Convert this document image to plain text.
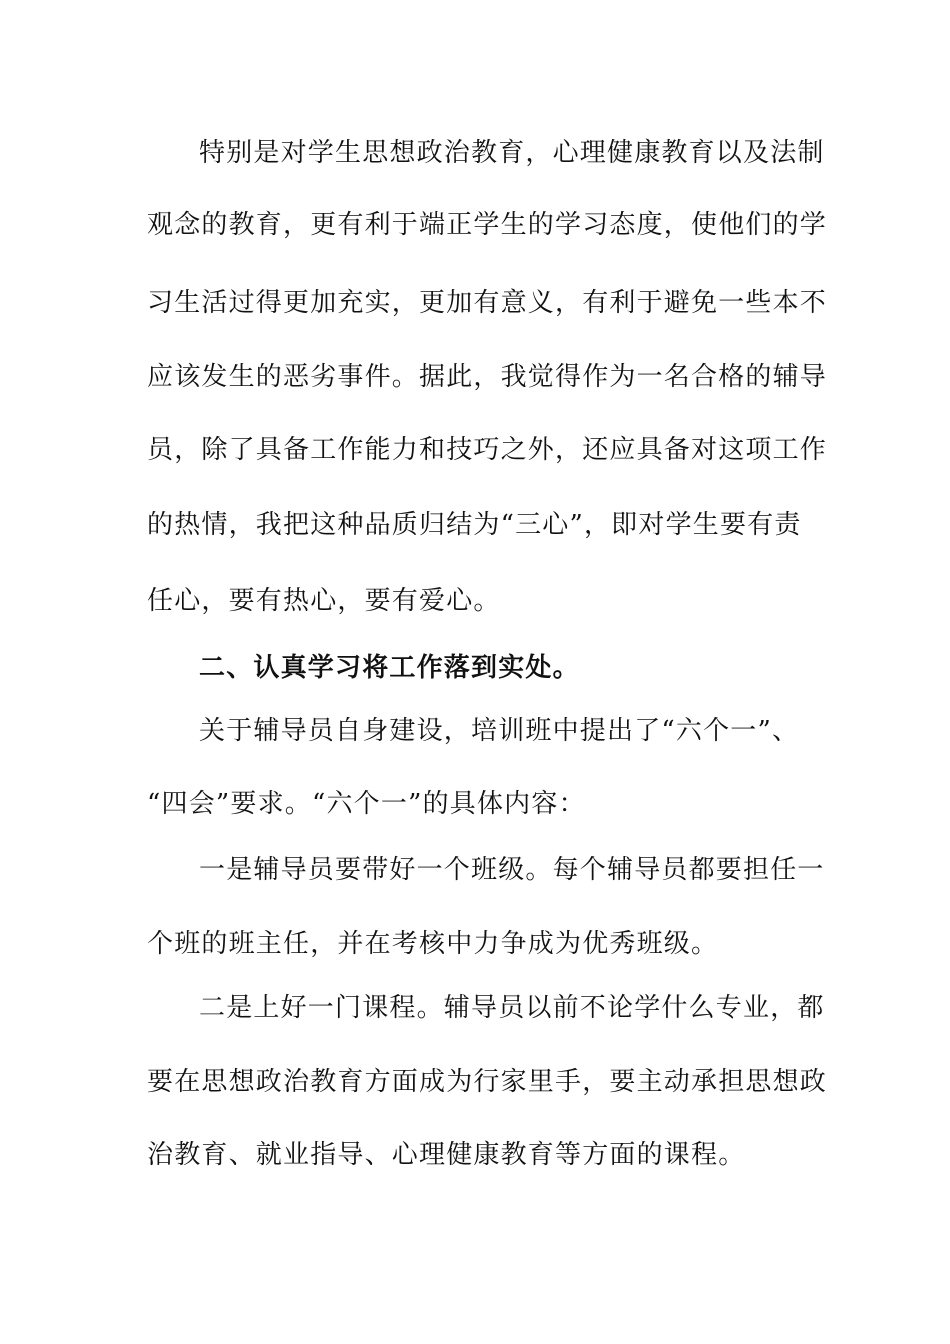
特别是对学生思想政治教育，心理健康教育以及法制
观念的教育，更有利于端正学生的学习态度，使他们的学
习生活过得更加充实，更加有意义，有利于避免一些本不
应该发生的恶劣事件。据此，我觉得作为一名合格的辅导
员，除了具备工作能力和技巧之外，还应具备对这项工作
的热情，我把这种品质归结为“三心”，即对学生要有责
任心，要有热心，要有爱心。
二、认真学习将工作落到实处。
关于辅导员自身建设，培训班中提出了“六个一”、
“四会”要求。“六个一”的具体内容：
一是辅导员要带好一个班级。每个辅导员都要担任一
个班的班主任，并在考核中力争成为优秀班级。
二是上好一门课程。辅导员以前不论学什么专业，都
要在思想政治教育方面成为行家里手，要主动承担思想政
治教育、就业指导、心理健康教育等方面的课程。
